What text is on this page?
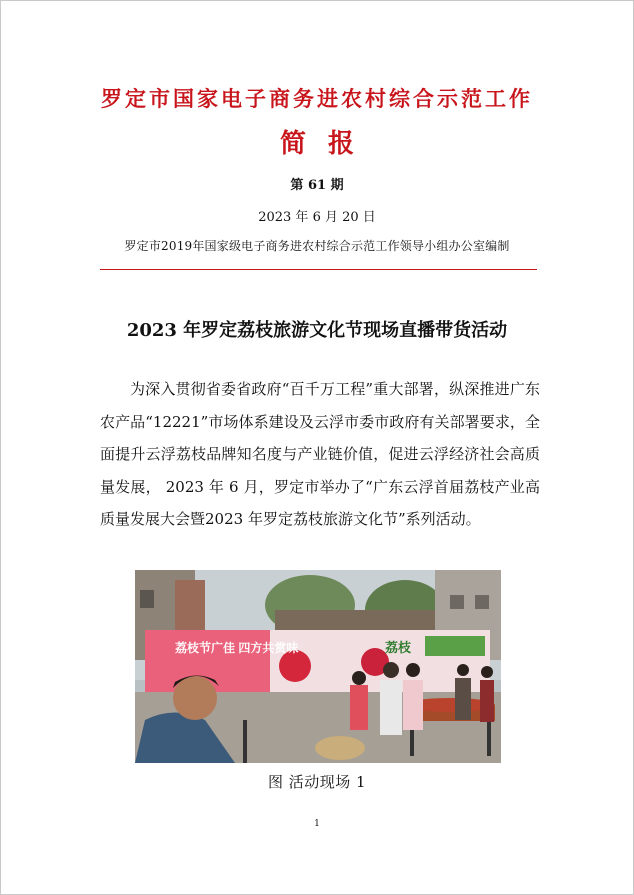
罗定市国家电子商务进农村综合示范工作
简报
第 61 期
2023 年 6 月 20 日
罗定市2019年国家级电子商务进农村综合示范工作领导小组办公室编制
2023 年罗定荔枝旅游文化节现场直播带货活动
为深入贯彻省委省政府“百千万工程”重大部署，纵深推进广东农产品“12221”市场体系建设及云浮市委市政府有关部署要求，全面提升云浮荔枝品牌知名度与产业链价值，促进云浮经济社会高质量发展， 2023 年 6 月，罗定市举办了“广东云浮首届荔枝产业高质量发展大会暨2023 年罗定荔枝旅游文化节”系列活动。
荔枝节广佳 四方共赏味	荔枝
图 活动现场 1
1
